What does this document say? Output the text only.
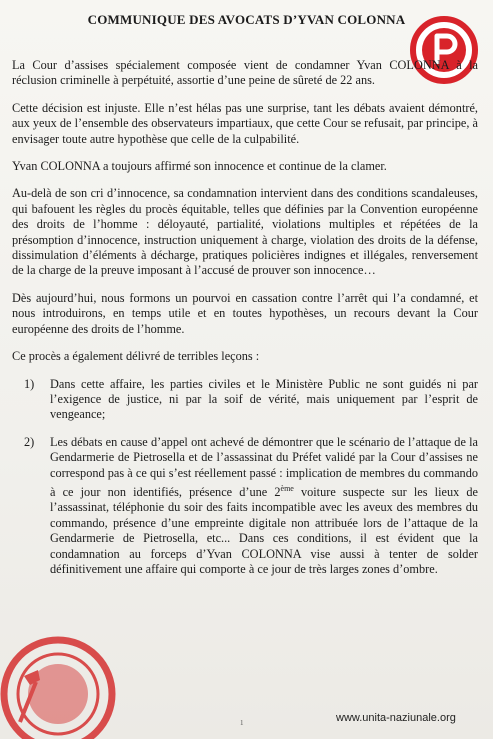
COMMUNIQUE DES AVOCATS D’YVAN COLONNA

La Cour d’assises spécialement composée vient de condamner Yvan COLONNA à la réclusion criminelle à perpétuité, assortie d’une peine de sûreté de 22 ans.

Cette décision est injuste. Elle n’est hélas pas une surprise, tant les débats avaient démontré, aux yeux de l’ensemble des observateurs impartiaux, que cette Cour se refusait, par principe, à envisager toute autre hypothèse que celle de la culpabilité.

Yvan COLONNA a toujours affirmé son innocence et continue de la clamer.

Au-delà de son cri d’innocence, sa condamnation intervient dans des conditions scandaleuses, qui bafouent les règles du procès équitable, telles que définies par la Convention européenne des droits de l’homme : déloyauté, partialité, violations multiples et répétées de la présomption d’innocence, instruction uniquement à charge, violation des droits de la défense, dissimulation d’éléments à décharge, pratiques policières indignes et illégales, renversement de la charge de la preuve imposant à l’accusé de prouver son innocence…

Dès aujourd’hui, nous formons un pourvoi en cassation contre l’arrêt qui l’a condamné, et nous introduirons, en temps utile et en toutes hypothèses, un recours devant la Cour européenne des droits de l’homme.

Ce procès a également délivré de terribles leçons :

1)	Dans cette affaire, les parties civiles et le Ministère Public ne sont guidés ni par l’exigence de justice, ni par la soif de vérité, mais uniquement par l’esprit de vengeance;
2)	Les débats en cause d’appel ont achevé de démontrer que le scénario de l’attaque de la Gendarmerie de Pietrosella et de l’assassinat du Préfet validé par la Cour d’assises ne correspond pas à ce qui s’est réellement passé : implication de membres du commando à ce jour non identifiés, présence d’une 2ème voiture suspecte sur les lieux de l’assassinat, téléphonie du soir des faits incompatible avec les aveux des membres du commando, présence d’une empreinte digitale non attribuée lors de l’attaque de la Gendarmerie de Pietrosella, etc... Dans ces conditions, il est évident que la condamnation au forceps d’Yvan COLONNA vise aussi à tenter de solder définitivement une affaire qui comporte à ce jour de très larges zones d’ombre.
1	www.unita-naziunale.org
